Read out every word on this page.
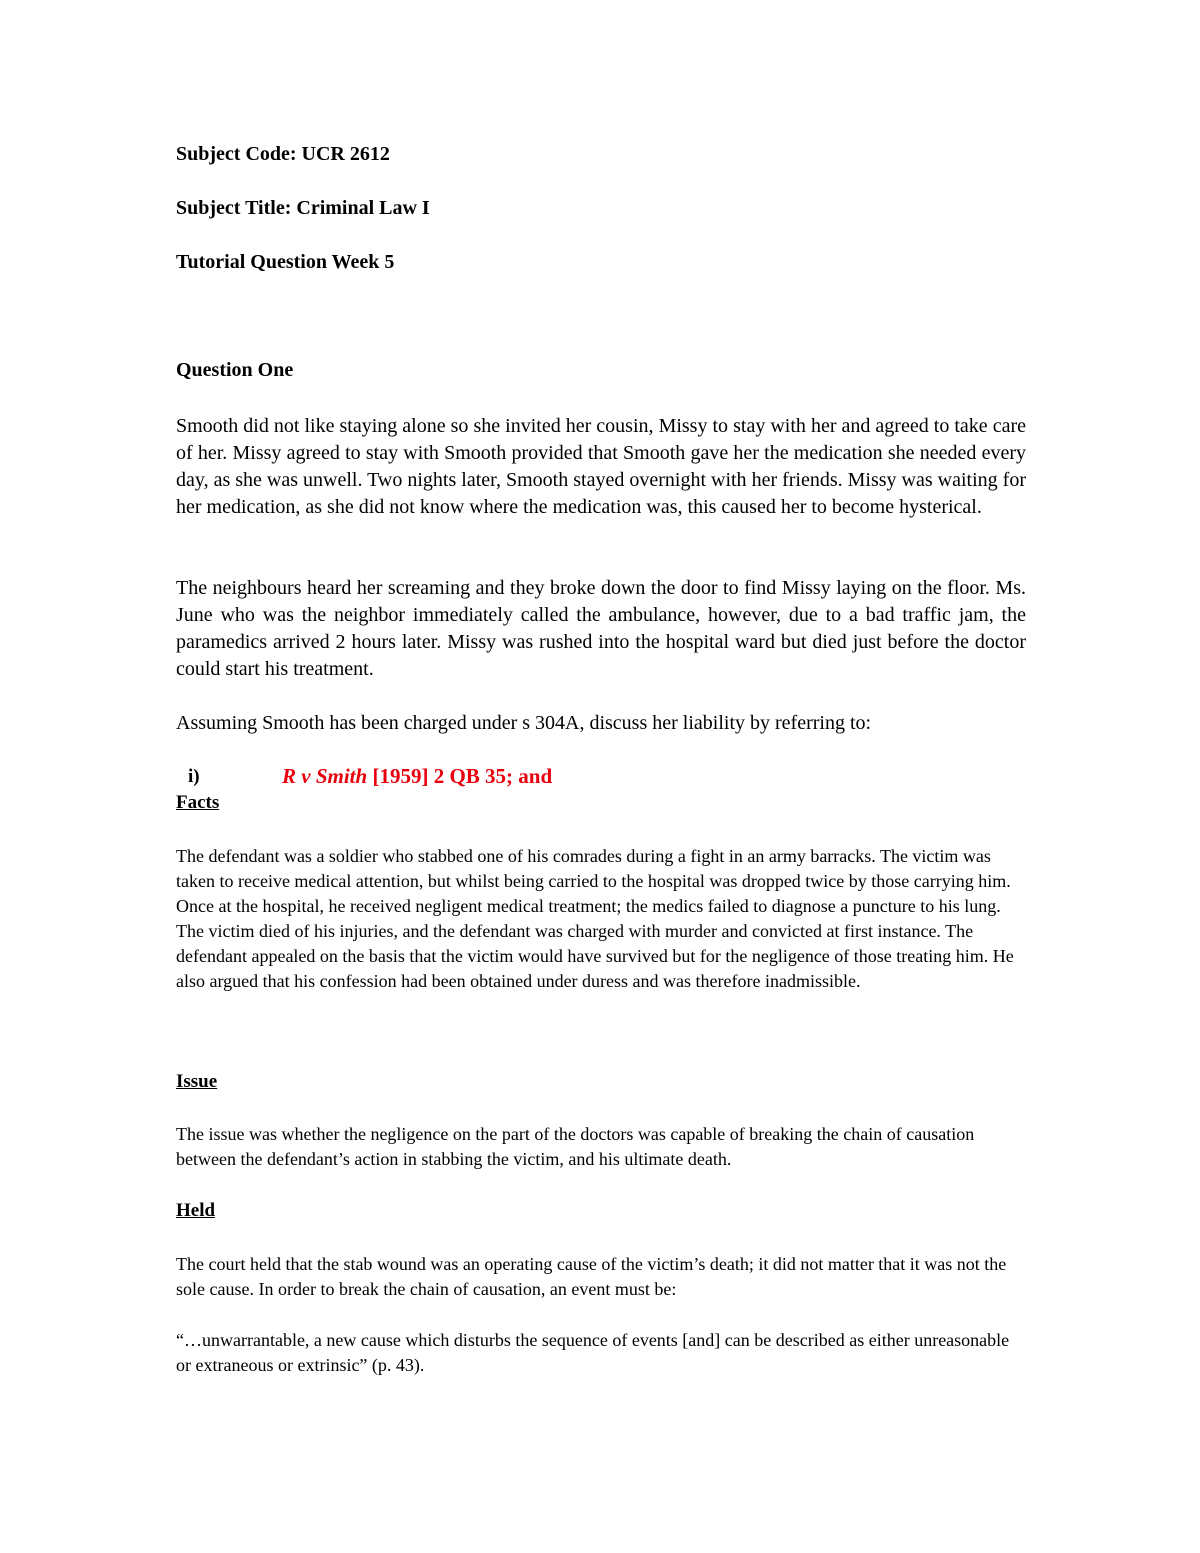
Subject Code: UCR 2612
Subject Title: Criminal Law I
Tutorial Question Week 5
Question One
Smooth did not like staying alone so she invited her cousin, Missy to stay with her and agreed to take care of her. Missy agreed to stay with Smooth provided that Smooth gave her the medication she needed every day, as she was unwell. Two nights later, Smooth stayed overnight with her friends. Missy was waiting for her medication, as she did not know where the medication was, this caused her to become hysterical.
The neighbours heard her screaming and they broke down the door to find Missy laying on the floor. Ms. June who was the neighbor immediately called the ambulance, however, due to a bad traffic jam, the paramedics arrived 2 hours later. Missy was rushed into the hospital ward but died just before the doctor could start his treatment.
Assuming Smooth has been charged under s 304A, discuss her liability by referring to:
i)	R v Smith [1959] 2 QB 35; and
Facts
The defendant was a soldier who stabbed one of his comrades during a fight in an army barracks. The victim was taken to receive medical attention, but whilst being carried to the hospital was dropped twice by those carrying him. Once at the hospital, he received negligent medical treatment; the medics failed to diagnose a puncture to his lung. The victim died of his injuries, and the defendant was charged with murder and convicted at first instance. The defendant appealed on the basis that the victim would have survived but for the negligence of those treating him. He also argued that his confession had been obtained under duress and was therefore inadmissible.
Issue
The issue was whether the negligence on the part of the doctors was capable of breaking the chain of causation between the defendant’s action in stabbing the victim, and his ultimate death.
Held
The court held that the stab wound was an operating cause of the victim’s death; it did not matter that it was not the sole cause. In order to break the chain of causation, an event must be:
“…unwarrantable, a new cause which disturbs the sequence of events [and] can be described as either unreasonable or extraneous or extrinsic” (p. 43).
